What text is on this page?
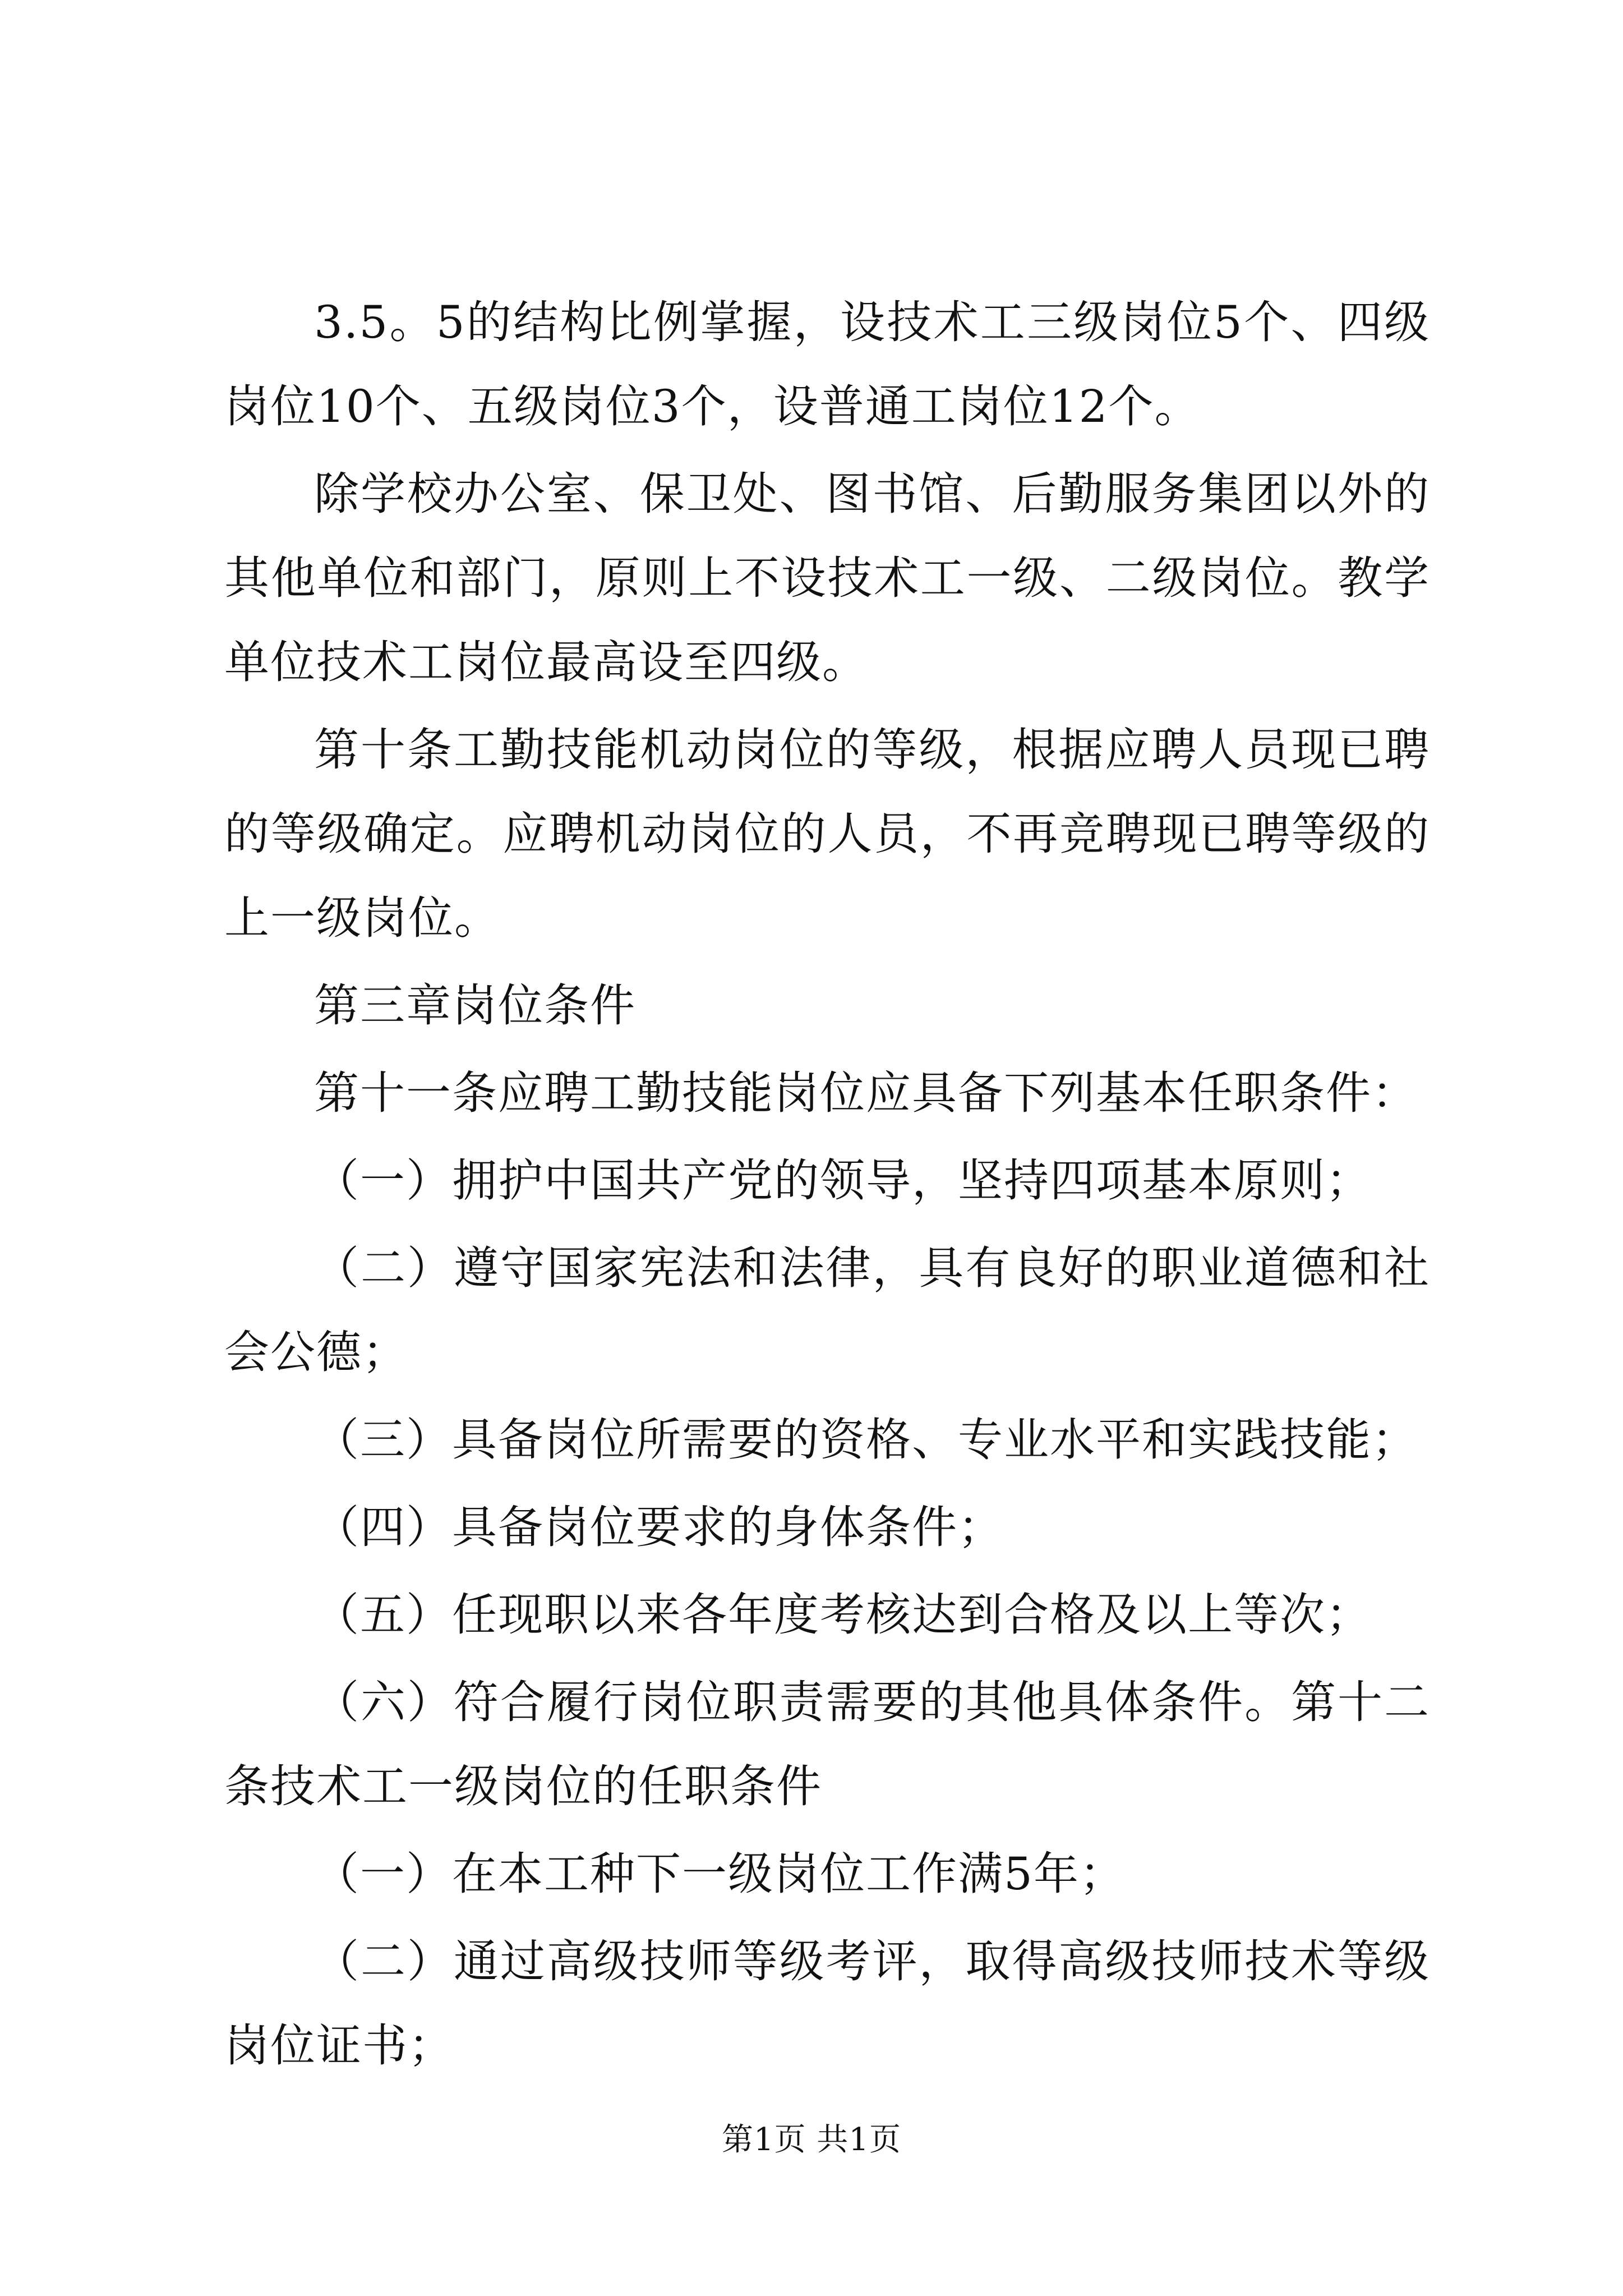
3.5。5的结构比例掌握，设技术工三级岗位5个、四级岗位10个、五级岗位3个，设普通工岗位12个。

除学校办公室、保卫处、图书馆、后勤服务集团以外的其他单位和部门，原则上不设技术工一级、二级岗位。教学单位技术工岗位最高设至四级。

第十条工勤技能机动岗位的等级，根据应聘人员现已聘的等级确定。应聘机动岗位的人员，不再竞聘现已聘等级的上一级岗位。

第三章岗位条件

第十一条应聘工勤技能岗位应具备下列基本任职条件：

（一）拥护中国共产党的领导，坚持四项基本原则；

（二）遵守国家宪法和法律，具有良好的职业道德和社会公德；

（三）具备岗位所需要的资格、专业水平和实践技能；

（四）具备岗位要求的身体条件；

（五）任现职以来各年度考核达到合格及以上等次；

（六）符合履行岗位职责需要的其他具体条件。第十二条技术工一级岗位的任职条件

（一）在本工种下一级岗位工作满5年；

（二）通过高级技师等级考评，取得高级技师技术等级岗位证书；

第1页 共1页
